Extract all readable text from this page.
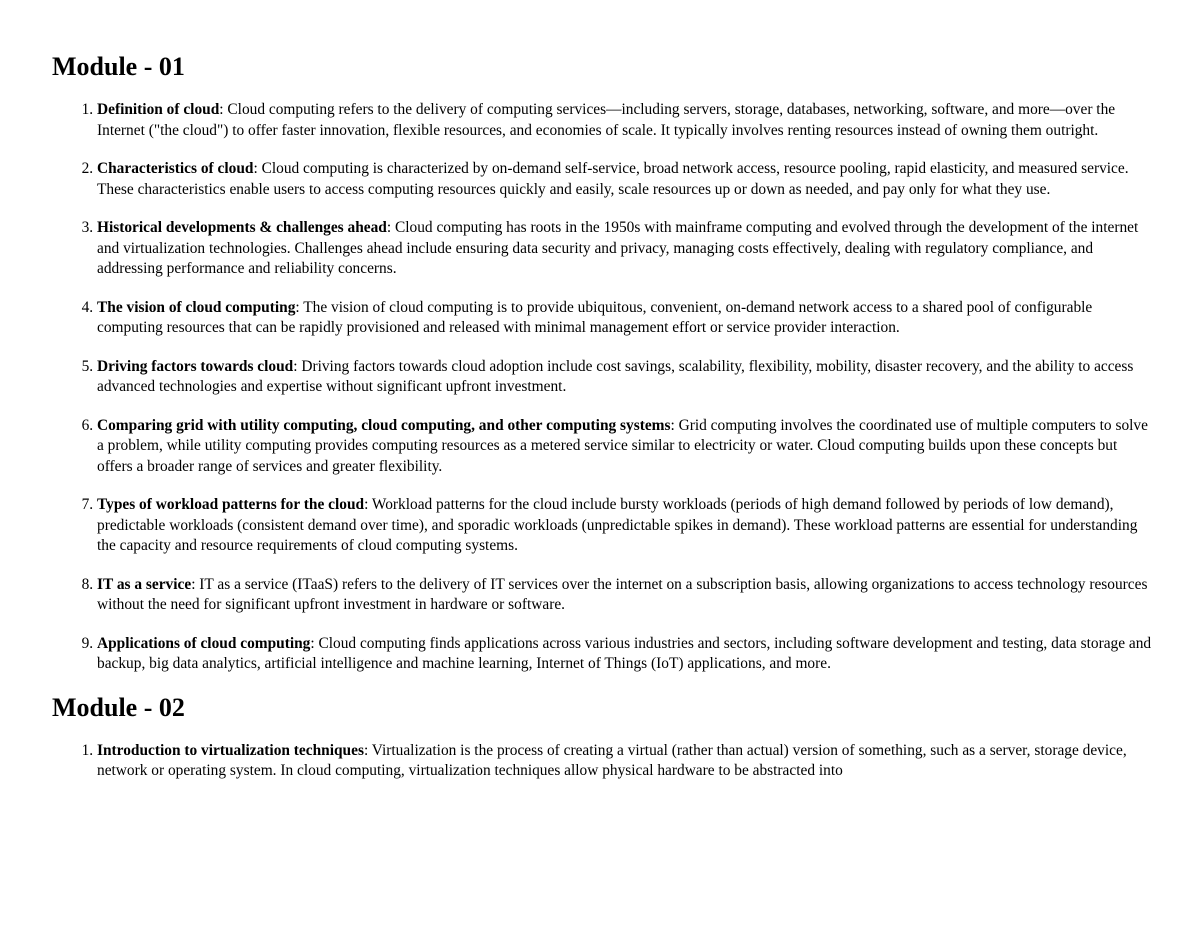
Module - 01
1. Definition of cloud: Cloud computing refers to the delivery of computing services—including servers, storage, databases, networking, software, and more—over the Internet ("the cloud") to offer faster innovation, flexible resources, and economies of scale. It typically involves renting resources instead of owning them outright.
2. Characteristics of cloud: Cloud computing is characterized by on-demand self-service, broad network access, resource pooling, rapid elasticity, and measured service. These characteristics enable users to access computing resources quickly and easily, scale resources up or down as needed, and pay only for what they use.
3. Historical developments & challenges ahead: Cloud computing has roots in the 1950s with mainframe computing and evolved through the development of the internet and virtualization technologies. Challenges ahead include ensuring data security and privacy, managing costs effectively, dealing with regulatory compliance, and addressing performance and reliability concerns.
4. The vision of cloud computing: The vision of cloud computing is to provide ubiquitous, convenient, on-demand network access to a shared pool of configurable computing resources that can be rapidly provisioned and released with minimal management effort or service provider interaction.
5. Driving factors towards cloud: Driving factors towards cloud adoption include cost savings, scalability, flexibility, mobility, disaster recovery, and the ability to access advanced technologies and expertise without significant upfront investment.
6. Comparing grid with utility computing, cloud computing, and other computing systems: Grid computing involves the coordinated use of multiple computers to solve a problem, while utility computing provides computing resources as a metered service similar to electricity or water. Cloud computing builds upon these concepts but offers a broader range of services and greater flexibility.
7. Types of workload patterns for the cloud: Workload patterns for the cloud include bursty workloads (periods of high demand followed by periods of low demand), predictable workloads (consistent demand over time), and sporadic workloads (unpredictable spikes in demand). These workload patterns are essential for understanding the capacity and resource requirements of cloud computing systems.
8. IT as a service: IT as a service (ITaaS) refers to the delivery of IT services over the internet on a subscription basis, allowing organizations to access technology resources without the need for significant upfront investment in hardware or software.
9. Applications of cloud computing: Cloud computing finds applications across various industries and sectors, including software development and testing, data storage and backup, big data analytics, artificial intelligence and machine learning, Internet of Things (IoT) applications, and more.
Module - 02
1. Introduction to virtualization techniques: Virtualization is the process of creating a virtual (rather than actual) version of something, such as a server, storage device, network or operating system. In cloud computing, virtualization techniques allow physical hardware to be abstracted into
